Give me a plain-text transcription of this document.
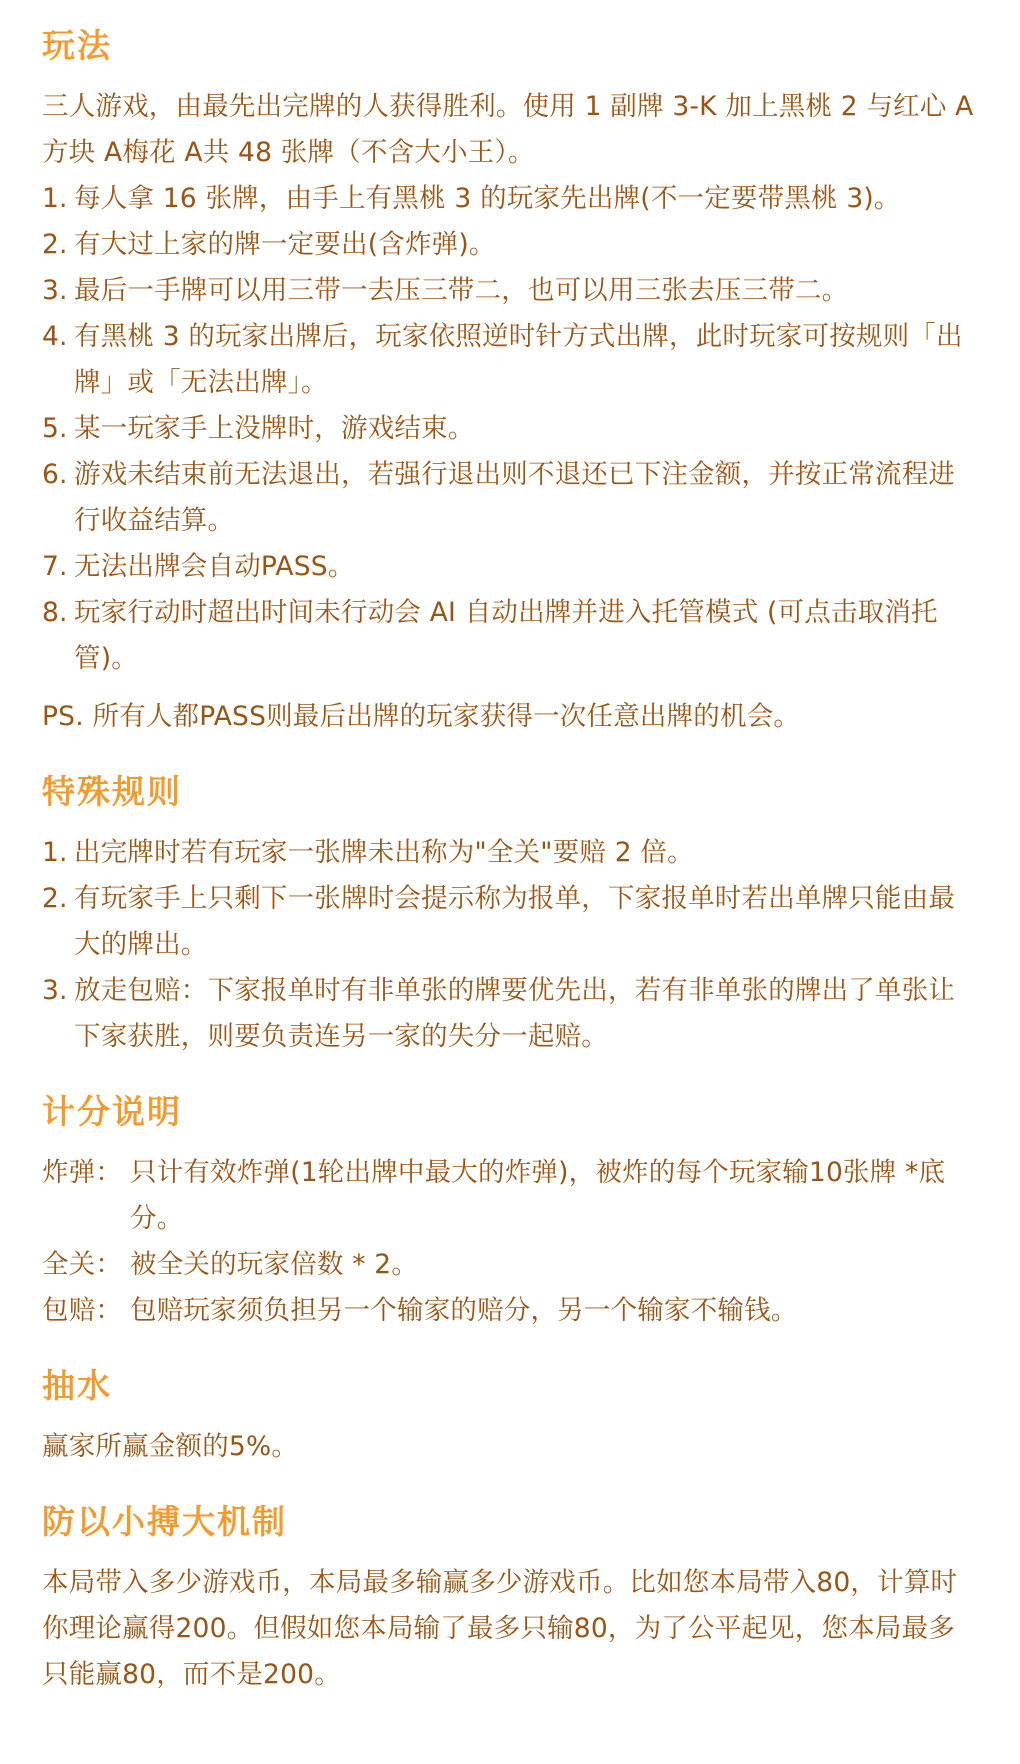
玩法

三人游戏，由最先出完牌的人获得胜利。使用 1 副牌 3-K 加上黑桃 2 与红心 A方块 A梅花 A共 48 张牌（不含大小王）。

1. 每人拿 16 张牌，由手上有黑桃 3 的玩家先出牌(不一定要带黑桃 3)。
2. 有大过上家的牌一定要出(含炸弹)。
3. 最后一手牌可以用三带一去压三带二，也可以用三张去压三带二。
4. 有黑桃 3 的玩家出牌后，玩家依照逆时针方式出牌，此时玩家可按规则「出牌」或「无法出牌」。
5. 某一玩家手上没牌时，游戏结束。
6. 游戏未结束前无法退出，若强行退出则不退还已下注金额，并按正常流程进行收益结算。
7. 无法出牌会自动PASS。
8. 玩家行动时超出时间未行动会 AI 自动出牌并进入托管模式 (可点击取消托管)。

PS. 所有人都PASS则最后出牌的玩家获得一次任意出牌的机会。

特殊规则
1. 出完牌时若有玩家一张牌未出称为"全关"要赔 2 倍。
2. 有玩家手上只剩下一张牌时会提示称为报单，下家报单时若出单牌只能由最大的牌出。
3. 放走包赔：下家报单时有非单张的牌要优先出，若有非单张的牌出了单张让下家获胜，则要负责连另一家的失分一起赔。
计分说明
炸弹： 只计有效炸弹(1轮出牌中最大的炸弹)，被炸的每个玩家输10张牌 *底分。
全关： 被全关的玩家倍数 * 2。
包赔： 包赔玩家须负担另一个输家的赔分，另一个输家不输钱。
抽水

赢家所赢金额的5%。

防以小搏大机制

本局带入多少游戏币，本局最多输赢多少游戏币。比如您本局带入80，计算时你理论赢得200。但假如您本局输了最多只输80，为了公平起见，您本局最多只能赢80，而不是200。
